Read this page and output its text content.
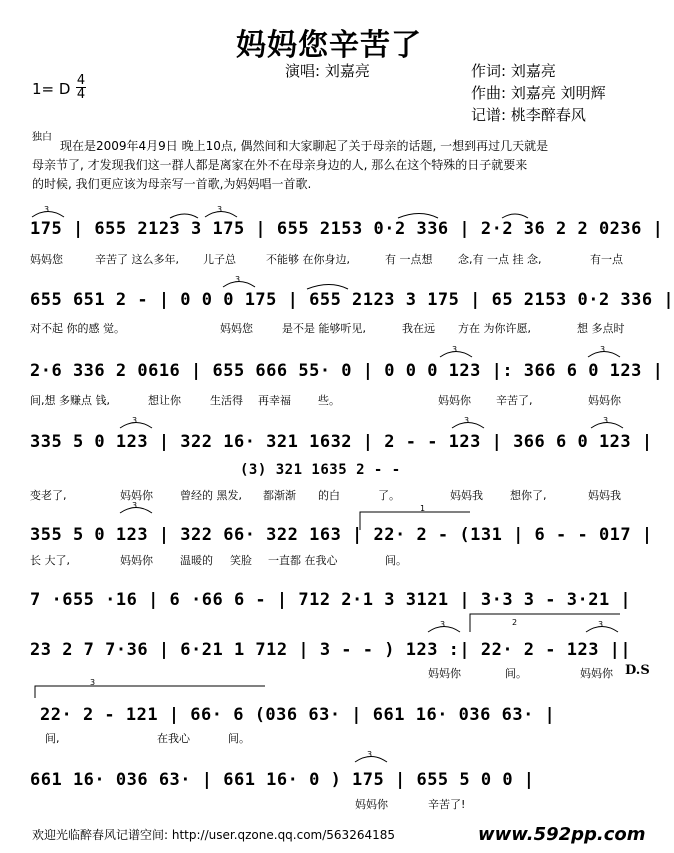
妈妈您辛苦了
演唱: 刘嘉亮	作词: 刘嘉亮
作曲: 刘嘉亮 刘明辉
记谱: 桃李醉春风
1= D 4
4
独白
现在是2009年4月9日 晚上10点, 偶然间和大家聊起了关于母亲的话题, 一想到再过几天就是
母亲节了, 才发现我们这一群人都是离家在外不在母亲身边的人, 那么在这个特殊的日子就要来
的时候, 我们更应该为母亲写一首歌,为妈妈唱一首歌.
3	3
3
3	3
3	3	3
3
3	3
3
1
2
3
175 | 655 2123 3 175 | 655 2153 0·2 336 | 2·2 36 2 2 0236 |
妈妈您	辛苦了 这么多年, 儿子总	不能够 在你身边,	有 一点想 念,有 一点 挂 念,	有一点
655 651 2 - | 0 0 0 175 | 655 2123 3 175 | 65 2153 0·2 336 |
对不起 你的感 觉。	妈妈您	是不是 能够听见,	我在远 方在 为你许愿,	想 多点时
2·6 336 2 0616 | 655 666 55· 0 | 0 0 0 123 |: 366 6 0 123 |
间,想 多赚点 钱,	想让你	生活得 再幸福 些。	妈妈你 辛苦了,	妈妈你
335 5 0 123 | 322 16· 321 1632 | 2 - - 123 | 366 6 0 123 |
(3) 321 1635 2 - -
变老了,	妈妈你 曾经的 黑发, 都渐渐 的白	了。	妈妈我 想你了,	妈妈我
355 5 0 123 | 322 66· 322 163 | 22· 2 - (131 | 6 - - 017 |
长 大了,	妈妈你 温暖的 笑脸 一直都 在我心	间。
7 ·655 ·16 | 6 ·66 6 - | 712 2·1 3 3121 | 3·3 3 - 3·21 |
23 2 7 7·36 | 6·21 1 712 | 3 - - ) 123 :| 22· 2 - 123 ||
妈妈你	间。	妈妈你 D.S
22· 2 - 121 | 66· 6 (036 63· | 661 16· 036 63· |
间,	在我心	间。
661 16· 036 63· | 661 16· 0 ) 175 | 655 5 0 0 |
妈妈你	辛苦了!
欢迎光临醉春风记谱空间: http://user.qzone.qq.com/563264185	www.592pp.com
